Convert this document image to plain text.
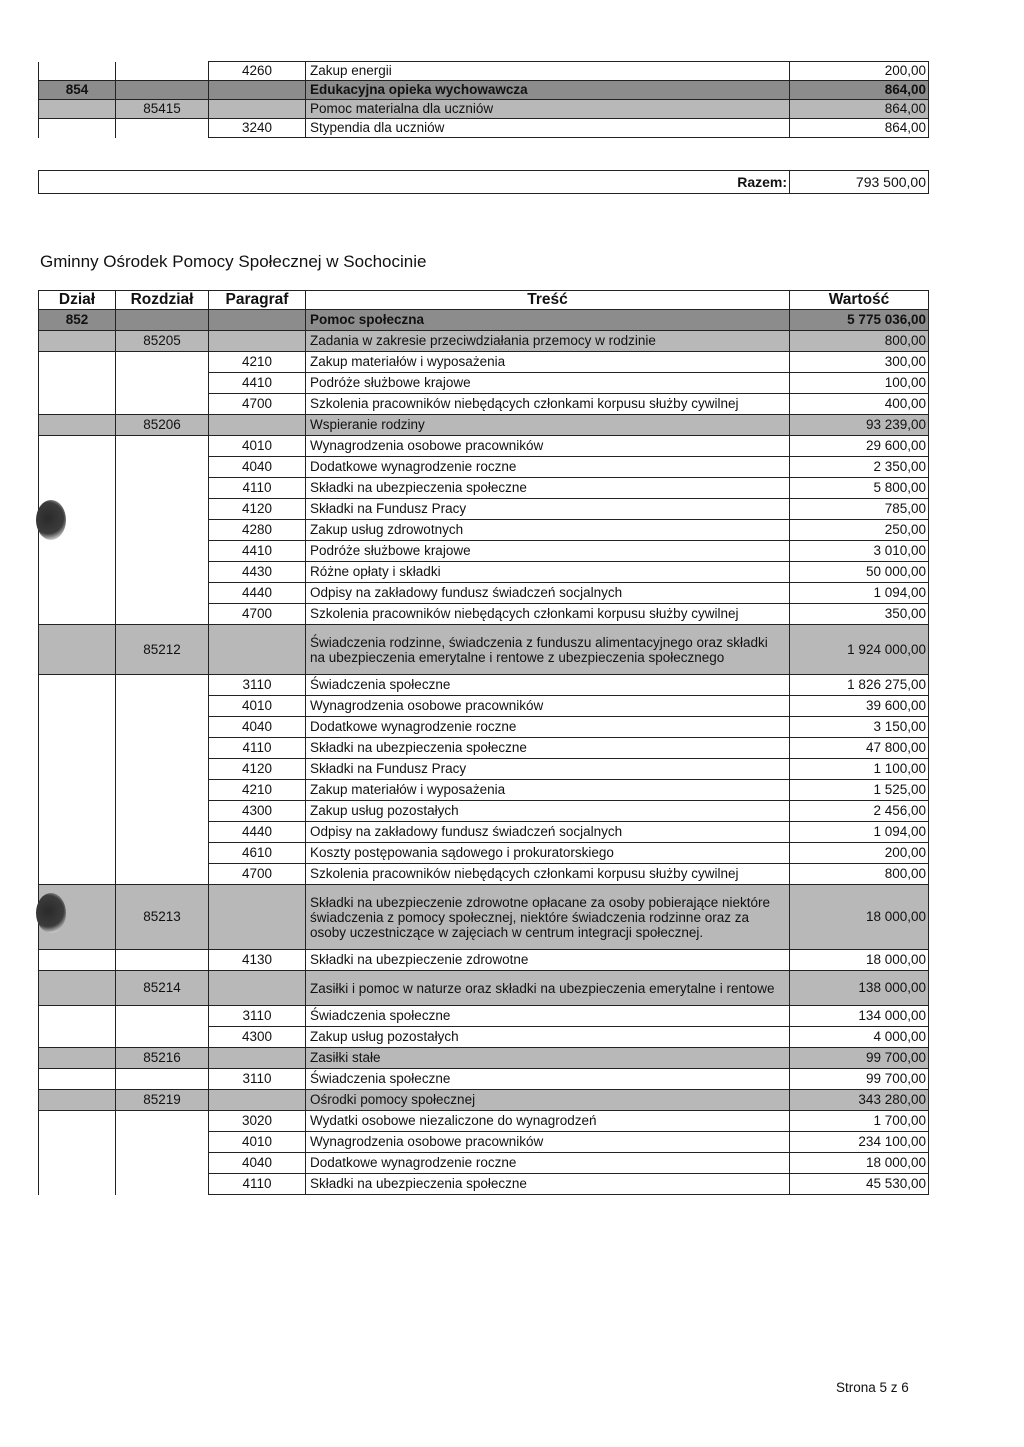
		4260	Zakup energii	200,00
854			Edukacyjna opieka wychowawcza	864,00
	85415		Pomoc materialna dla uczniów	864,00
		3240	Stypendia dla uczniów	864,00
Razem:	793 500,00
Gminny Ośrodek Pomocy Społecznej w Sochocinie
Dział	Rozdział	Paragraf	Treść	Wartość
852			Pomoc społeczna	5 775 036,00
	85205		Zadania w zakresie przeciwdziałania przemocy w rodzinie	800,00
		4210	Zakup materiałów i wyposażenia	300,00
		4410	Podróże służbowe krajowe	100,00
		4700	Szkolenia pracowników niebędących członkami korpusu służby cywilnej	400,00
	85206		Wspieranie rodziny	93 239,00
		4010	Wynagrodzenia osobowe pracowników	29 600,00
		4040	Dodatkowe wynagrodzenie roczne	2 350,00
		4110	Składki na ubezpieczenia społeczne	5 800,00
		4120	Składki na Fundusz Pracy	785,00
		4280	Zakup usług zdrowotnych	250,00
		4410	Podróże służbowe krajowe	3 010,00
		4430	Różne opłaty i składki	50 000,00
		4440	Odpisy na zakładowy fundusz świadczeń socjalnych	1 094,00
		4700	Szkolenia pracowników niebędących członkami korpusu służby cywilnej	350,00
	85212		Świadczenia rodzinne, świadczenia z funduszu alimentacyjnego oraz składki na ubezpieczenia emerytalne i rentowe z ubezpieczenia społecznego	1 924 000,00
		3110	Świadczenia społeczne	1 826 275,00
		4010	Wynagrodzenia osobowe pracowników	39 600,00
		4040	Dodatkowe wynagrodzenie roczne	3 150,00
		4110	Składki na ubezpieczenia społeczne	47 800,00
		4120	Składki na Fundusz Pracy	1 100,00
		4210	Zakup materiałów i wyposażenia	1 525,00
		4300	Zakup usług pozostałych	2 456,00
		4440	Odpisy na zakładowy fundusz świadczeń socjalnych	1 094,00
		4610	Koszty postępowania sądowego i prokuratorskiego	200,00
		4700	Szkolenia pracowników niebędących członkami korpusu służby cywilnej	800,00
	85213		Składki na ubezpieczenie zdrowotne opłacane za osoby pobierające niektóre świadczenia z pomocy społecznej, niektóre świadczenia rodzinne oraz za osoby uczestniczące w zajęciach w centrum integracji społecznej.	18 000,00
		4130	Składki na ubezpieczenie zdrowotne	18 000,00
	85214		Zasiłki i pomoc w naturze oraz składki na ubezpieczenia emerytalne i rentowe	138 000,00
		3110	Świadczenia społeczne	134 000,00
		4300	Zakup usług pozostałych	4 000,00
	85216		Zasiłki stałe	99 700,00
		3110	Świadczenia społeczne	99 700,00
	85219		Ośrodki pomocy społecznej	343 280,00
		3020	Wydatki osobowe niezaliczone do wynagrodzeń	1 700,00
		4010	Wynagrodzenia osobowe pracowników	234 100,00
		4040	Dodatkowe wynagrodzenie roczne	18 000,00
		4110	Składki na ubezpieczenia społeczne	45 530,00
Strona 5 z 6
